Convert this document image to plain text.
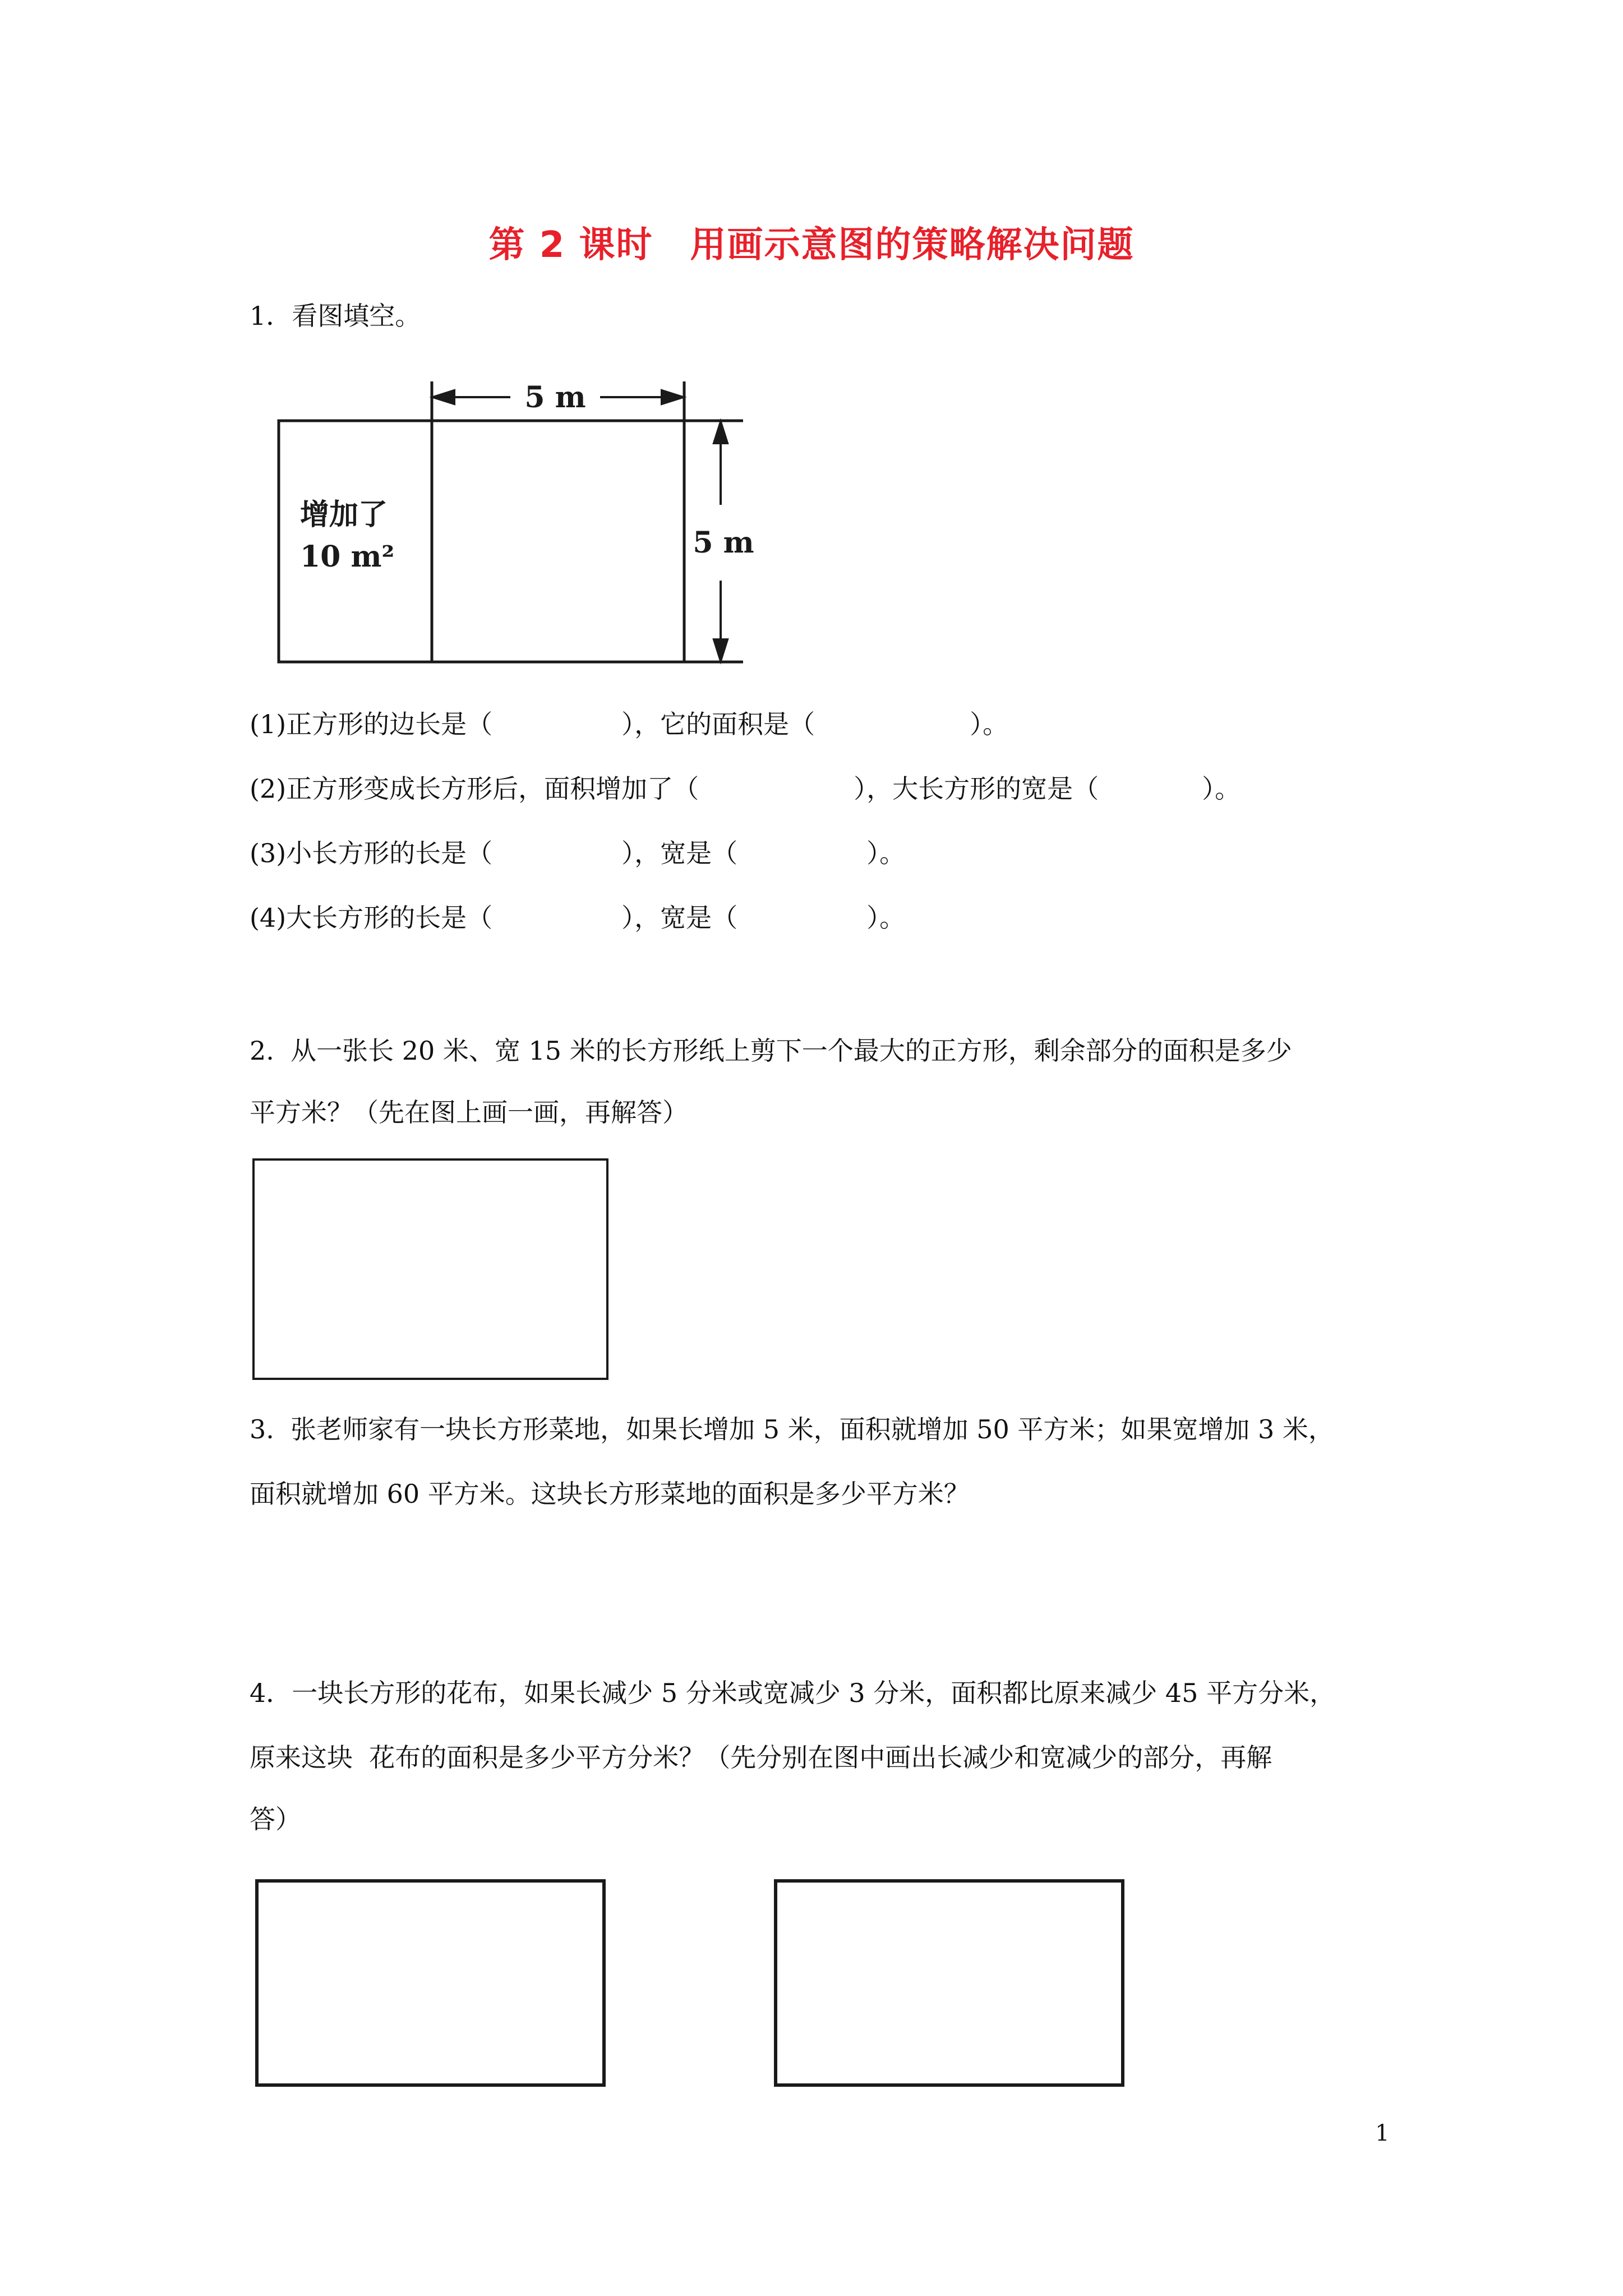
第 2 课时　用画示意图的策略解决问题
1．看图填空。
5 m
5 m
增加了
10 m²
(1)正方形的边长是（　　　　　），它的面积是（　　　　　　）。
(2)正方形变成长方形后，面积增加了（　　　　　　），大长方形的宽是（　　　　）。
(3)小长方形的长是（　　　　　），宽是（　　　　　）。
(4)大长方形的长是（　　　　　），宽是（　　　　　）。
2.  从一张长 20 米、宽 15 米的长方形纸上剪下一个最大的正方形，剩余部分的面积是多少
平方米？（先在图上画一画，再解答）
3.  张老师家有一块长方形菜地，如果长增加 5 米，面积就增加 50 平方米；如果宽增加 3 米，
面积就增加 60 平方米。这块长方形菜地的面积是多少平方米？
4．一块长方形的花布，如果长减少 5 分米或宽减少 3 分米，面积都比原来减少 45 平方分米，
原来这块  花布的面积是多少平方分米？（先分别在图中画出长减少和宽减少的部分，再解
答）
1
